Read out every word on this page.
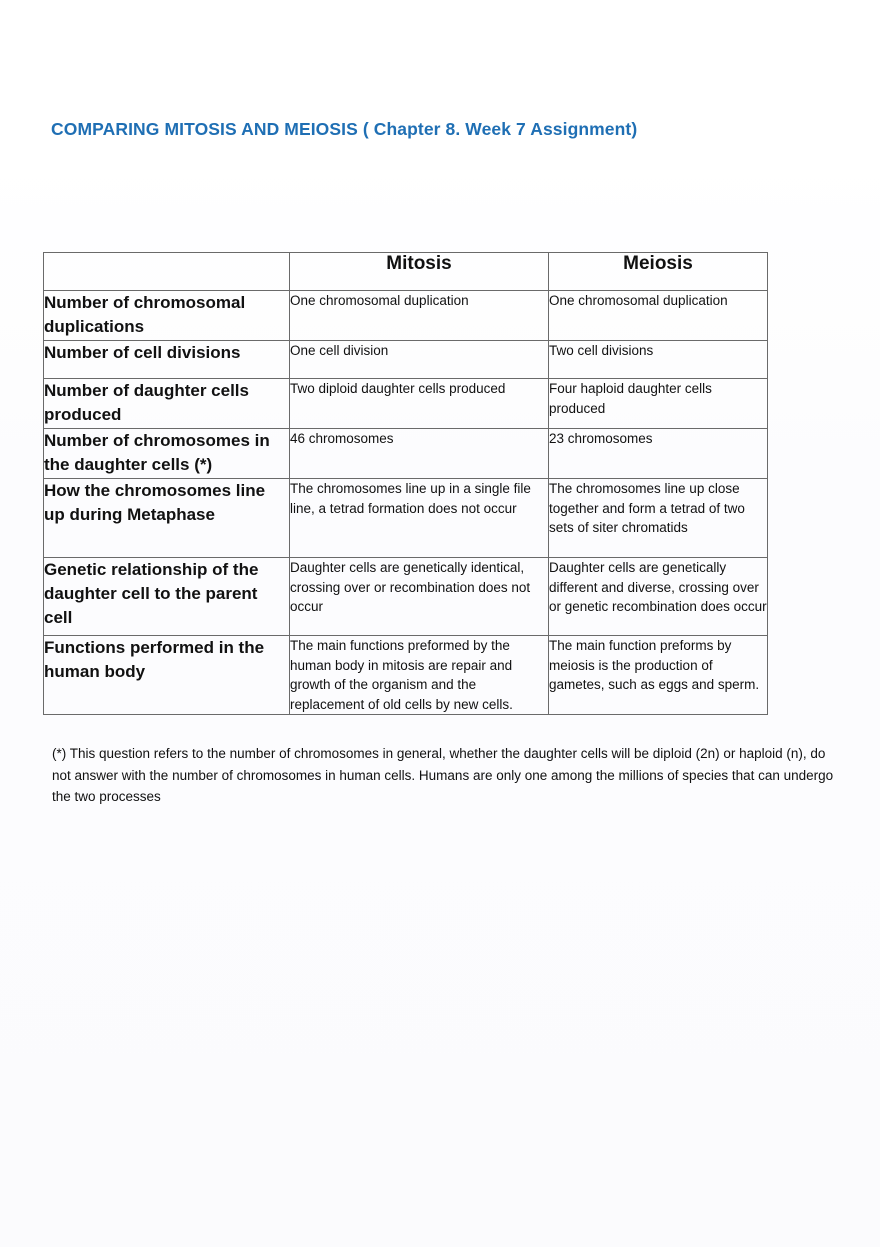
COMPARING MITOSIS AND MEIOSIS ( Chapter 8. Week 7 Assignment)
	Mitosis	Meiosis
Number of chromosomal duplications	One chromosomal duplication	One chromosomal duplication
Number of cell divisions	One cell division	Two cell divisions
Number of daughter cells produced	Two diploid daughter cells produced	Four haploid daughter cells produced
Number of chromosomes in the daughter cells (*)	46 chromosomes	23 chromosomes
How the chromosomes line up during Metaphase	The chromosomes line up in a single file line, a tetrad formation does not occur	The chromosomes line up close together and form a tetrad of two sets of siter chromatids
Genetic relationship of the daughter cell to the parent cell	Daughter cells are genetically identical, crossing over or recombination does not occur	Daughter cells are genetically different and diverse, crossing over or genetic recombination does occur
Functions performed in the human body	The main functions preformed by the human body in mitosis are repair and growth of the organism and the replacement of old cells by new cells.	The main function preforms by meiosis is the production of gametes, such as eggs and sperm.

(*) This question refers to the number of chromosomes in general, whether the daughter cells will be diploid (2n) or haploid (n), do not answer with the number of chromosomes in human cells. Humans are only one among the millions of species that can undergo the two processes
